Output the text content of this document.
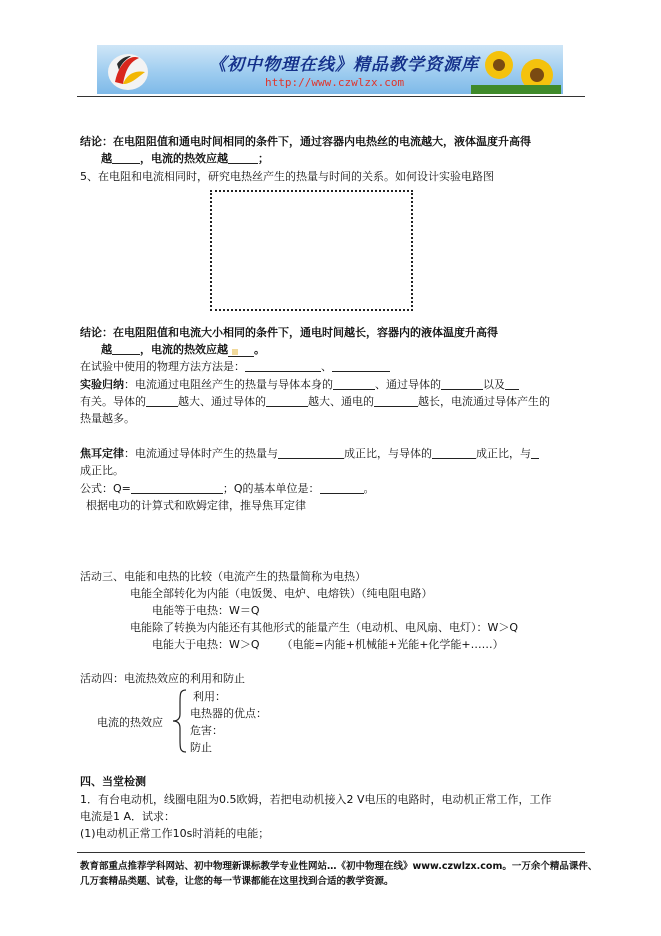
《初中物理在线》精品教学资源库
http://www.czwlzx.com
结论：在电阻阻值和通电时间相同的条件下，通过容器内电热丝的电流越大，液体温度升高得
越	，电流的热效应越	；
5、在电阻和电流相同时，研究电热丝产生的热量与时间的关系。如何设计实验电路图
结论：在电阻阻值和电流大小相同的条件下，通电时间越长，容器内的液体温度升高得
越	，电流的热效应越 。
在试验中使用的物理方法方法是：	、
实验归纳：电流通过电阻丝产生的热量与导体本身的	、通过导体的	以及
有关。导体的	越大、通过导体的	越大、通电的	越长，电流通过导体产生的
热量越多。
焦耳定律：电流通过导体时产生的热量与	成正比，与导体的	成正比，与
成正比。
公式：Q=	；Q的基本单位是：	。
根据电功的计算式和欧姆定律，推导焦耳定律
活动三、电能和电热的比较（电流产生的热量简称为电热）
电能全部转化为内能（电饭煲、电炉、电熔铁）（纯电阻电路）
电能等于电热：W＝Q
电能除了转换为内能还有其他形式的能量产生（电动机、电风扇、电灯）：W＞Q
电能大于电热：W＞Q （电能=内能+机械能+光能+化学能+……）
活动四：电流热效应的利用和防止
电流的热效应
利用：
电热器的优点：
危害：
防止
四、当堂检测
1．有台电动机，线圈电阻为0.5欧姆，若把电动机接入2 V电压的电路时，电动机正常工作，工作
电流是1 A．试求：
(1)电动机正常工作10s时消耗的电能；
教育部重点推荐学科网站、初中物理新课标教学专业性网站…《初中物理在线》www.czwlzx.com。一万余个精品课件、
几万套精品类题、试卷，让您的每一节课都能在这里找到合适的教学资源。
